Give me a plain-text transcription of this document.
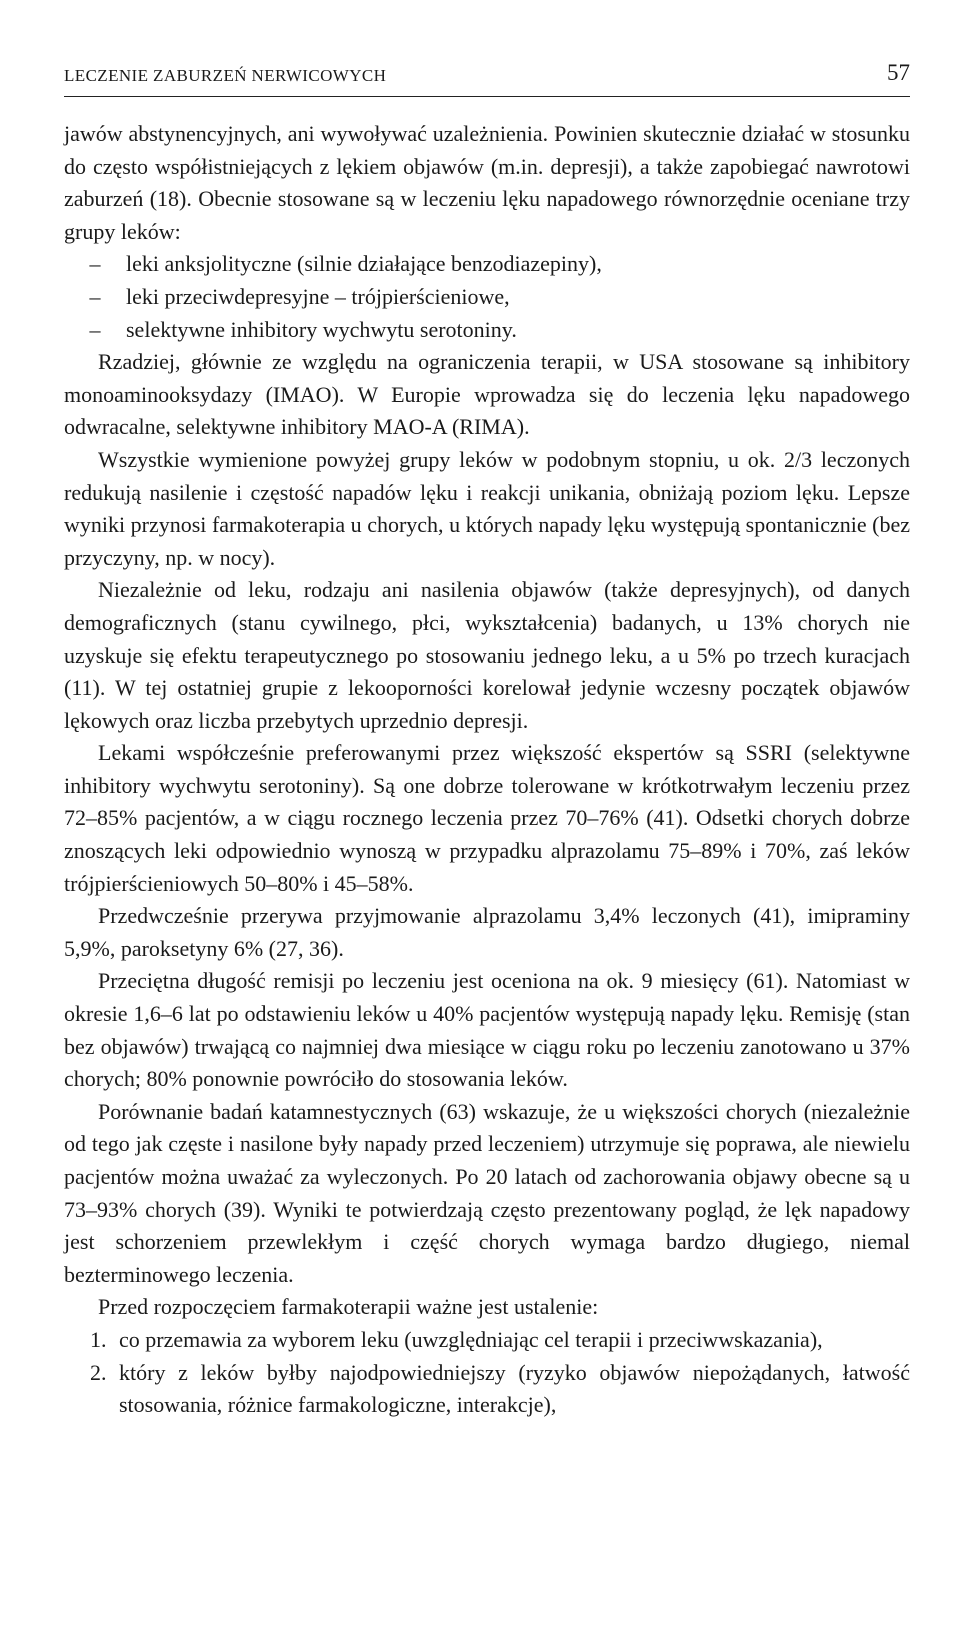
LECZENIE ZABURZEŃ NERWICOWYCH	57

jawów abstynencyjnych, ani wywoływać uzależnienia. Powinien skutecznie działać w stosunku do często współistniejących z lękiem objawów (m.in. depresji), a także zapobiegać nawrotowi zaburzeń (18). Obecnie stosowane są w leczeniu lęku napadowego równorzędnie oceniane trzy grupy leków:

–	leki anksjolityczne (silnie działające benzodiazepiny),
–	leki przeciwdepresyjne – trójpierścieniowe,
–	selektywne inhibitory wychwytu serotoniny.

Rzadziej, głównie ze względu na ograniczenia terapii, w USA stosowane są inhibitory monoaminooksydazy (IMAO). W Europie wprowadza się do leczenia lęku napadowego odwracalne, selektywne inhibitory MAO-A (RIMA).

Wszystkie wymienione powyżej grupy leków w podobnym stopniu, u ok. 2/3 leczonych redukują nasilenie i częstość napadów lęku i reakcji unikania, obniżają poziom lęku. Lepsze wyniki przynosi farmakoterapia u chorych, u których napady lęku występują spontanicznie (bez przyczyny, np. w nocy).

Niezależnie od leku, rodzaju ani nasilenia objawów (także depresyjnych), od danych demograficznych (stanu cywilnego, płci, wykształcenia) badanych, u 13% chorych nie uzyskuje się efektu terapeutycznego po stosowaniu jednego leku, a u 5% po trzech kuracjach (11). W tej ostatniej grupie z lekooporności korelował jedynie wczesny początek objawów lękowych oraz liczba przebytych uprzednio depresji.

Lekami współcześnie preferowanymi przez większość ekspertów są SSRI (selektywne inhibitory wychwytu serotoniny). Są one dobrze tolerowane w krótkotrwałym leczeniu przez 72–85% pacjentów, a w ciągu rocznego leczenia przez 70–76% (41). Odsetki chorych dobrze znoszących leki odpowiednio wynoszą w przypadku alprazolamu 75–89% i 70%, zaś leków trójpierścieniowych 50–80% i 45–58%.

Przedwcześnie przerywa przyjmowanie alprazolamu 3,4% leczonych (41), imipraminy 5,9%, paroksetyny 6% (27, 36).

Przeciętna długość remisji po leczeniu jest oceniona na ok. 9 miesięcy (61). Natomiast w okresie 1,6–6 lat po odstawieniu leków u 40% pacjentów występują napady lęku. Remisję (stan bez objawów) trwającą co najmniej dwa miesiące w ciągu roku po leczeniu zanotowano u 37% chorych; 80% ponownie powróciło do stosowania leków.

Porównanie badań katamnestycznych (63) wskazuje, że u większości chorych (niezależnie od tego jak częste i nasilone były napady przed leczeniem) utrzymuje się poprawa, ale niewielu pacjentów można uważać za wyleczonych. Po 20 latach od zachorowania objawy obecne są u 73–93% chorych (39). Wyniki te potwierdzają często prezentowany pogląd, że lęk napadowy jest schorzeniem przewlekłym i część chorych wymaga bardzo długiego, niemal bezterminowego leczenia.

Przed rozpoczęciem farmakoterapii ważne jest ustalenie:

1. co przemawia za wyborem leku (uwzględniając cel terapii i przeciwwskazania),
2. który z leków byłby najodpowiedniejszy (ryzyko objawów niepożądanych, łatwość stosowania, różnice farmakologiczne, interakcje),
